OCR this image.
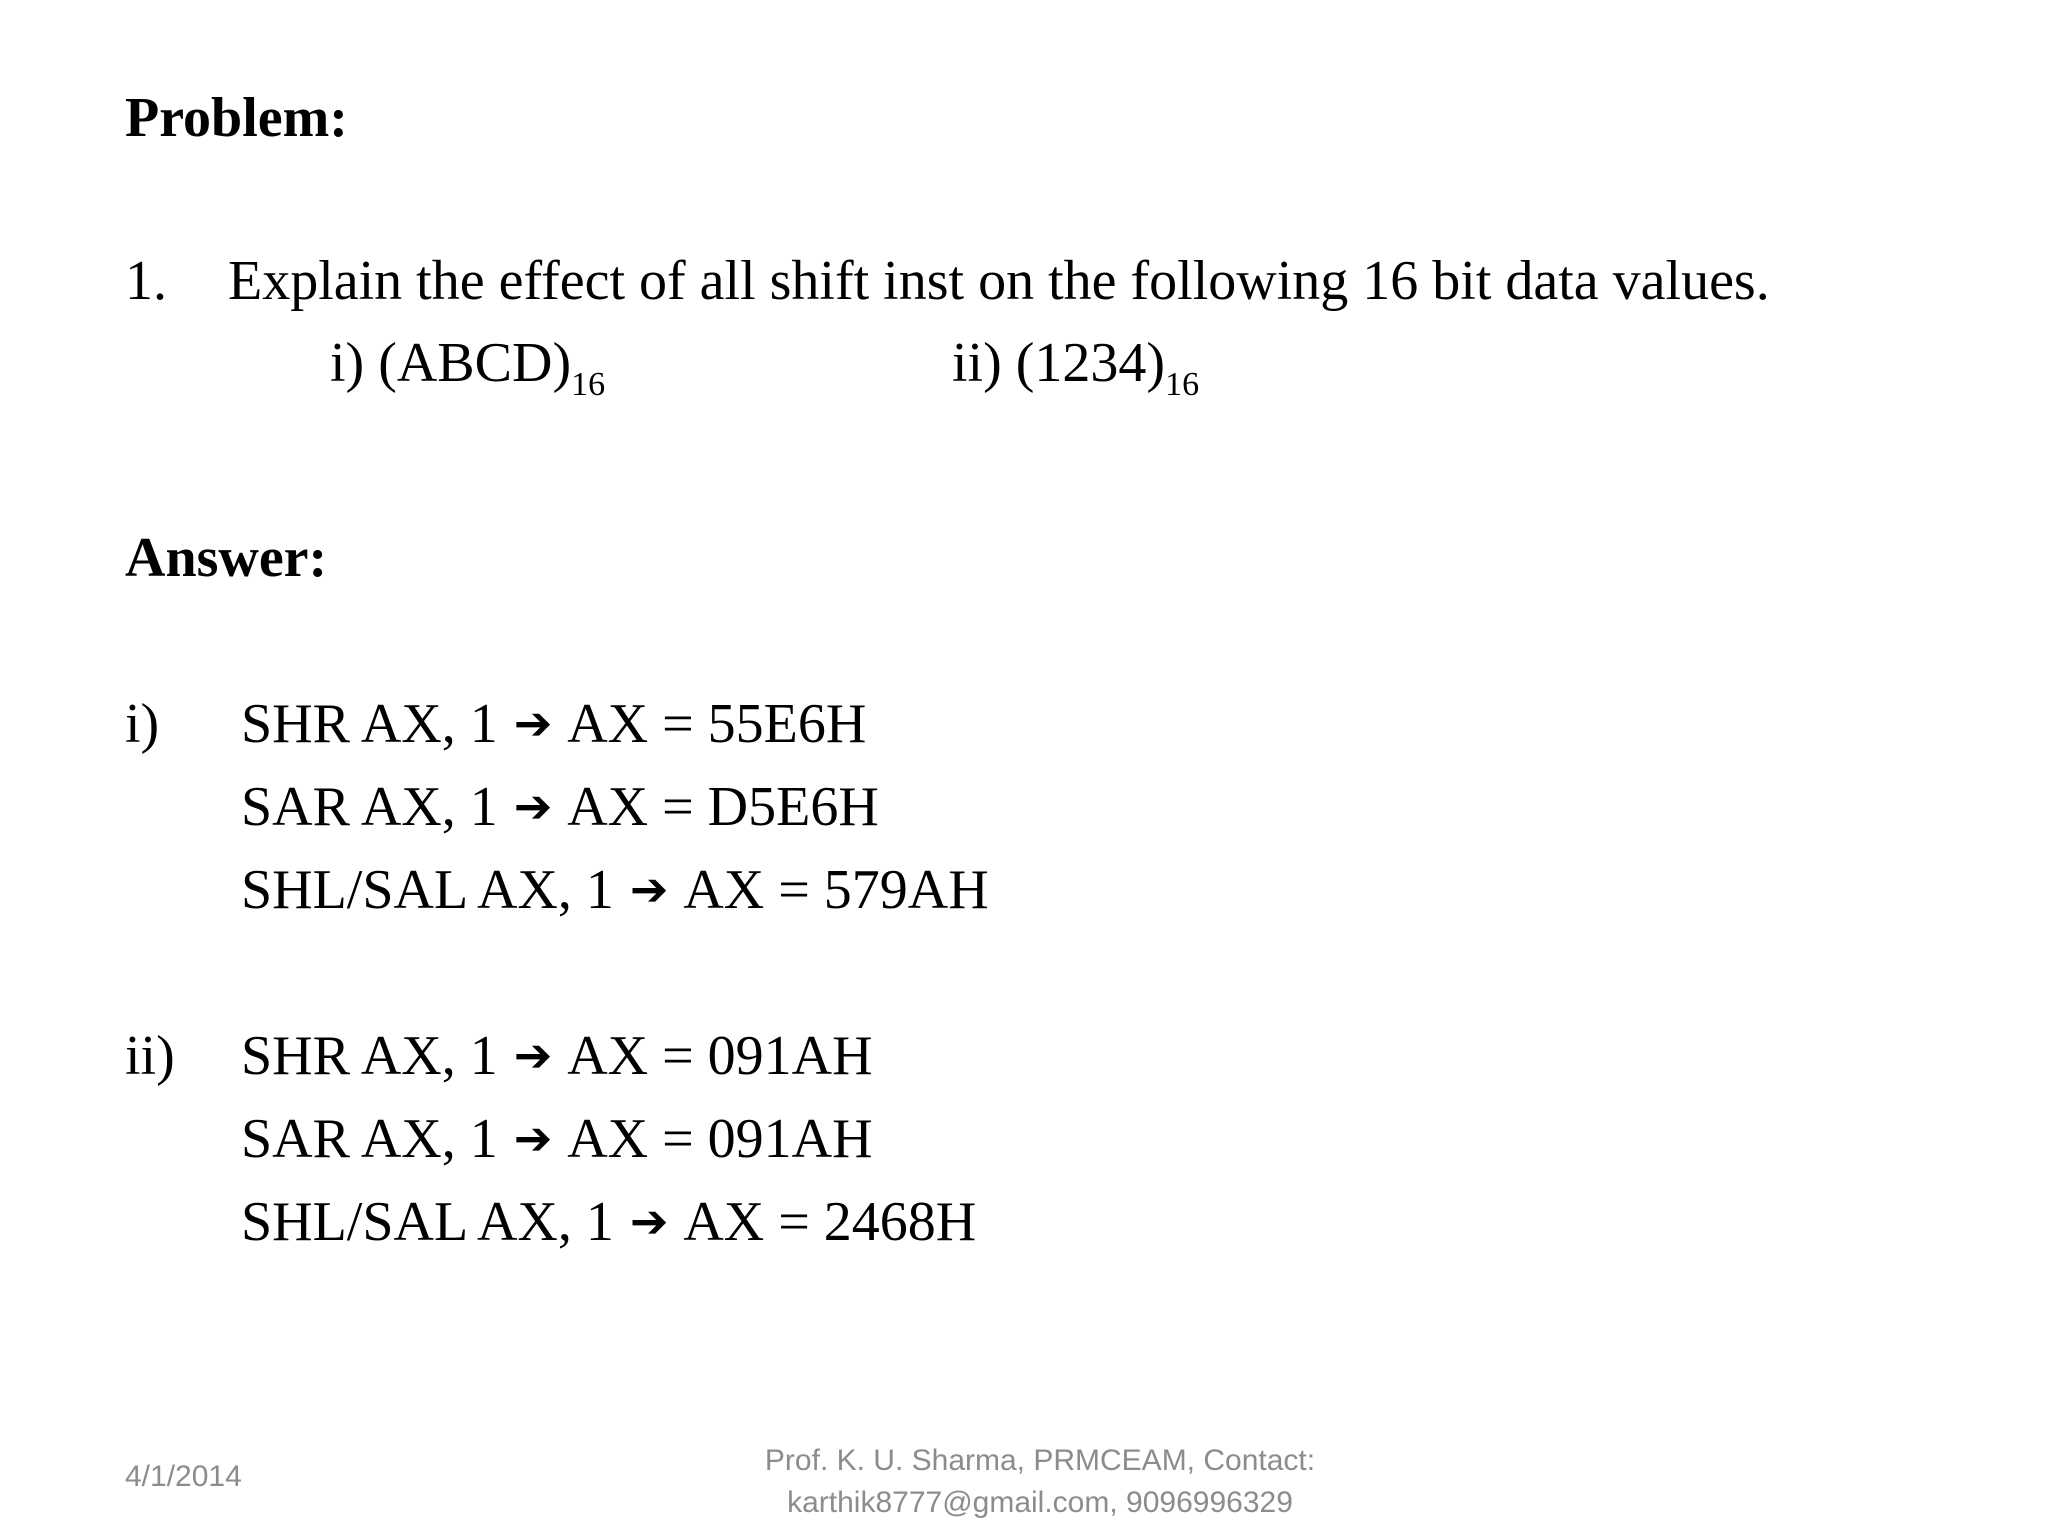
Problem:
1. Explain the effect of all shift inst on the following 16 bit data values.
i) $(ABCD)_{16}$	ii) $(1234)_{16}$
Answer:
i) SHR AX, 1 ➔ AX = 55E6H
SAR AX, 1 ➔ AX = D5E6H
SHL/SAL AX, 1 ➔ AX = 579AH
ii) SHR AX, 1 ➔ AX = 091AH
SAR AX, 1 ➔ AX = 091AH
SHL/SAL AX, 1 ➔ AX = 2468H
4/1/2014	Prof. K. U. Sharma, PRMCEAM, Contact:
karthik8777@gmail.com, 9096996329
